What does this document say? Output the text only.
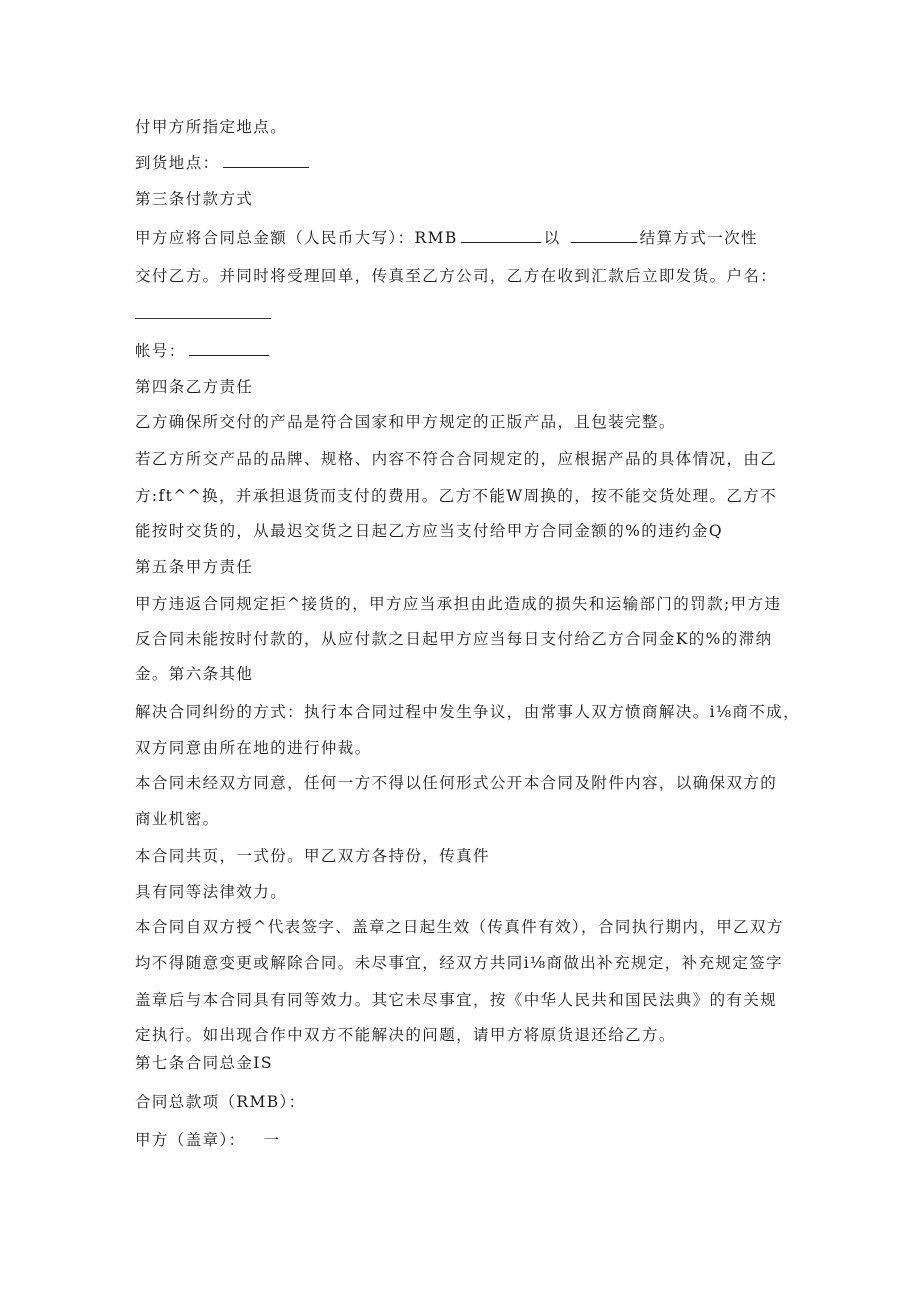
付甲方所指定地点。

到货地点：

第三条付款方式

甲方应将合同总金额（人民币大写）：RMB	以	结算方式一次性

交付乙方。并同时将受理回单，传真至乙方公司，乙方在收到汇款后立即发货。户名：

帐号：

第四条乙方责任

乙方确保所交付的产品是符合国家和甲方规定的正版产品，且包装完整。

若乙方所交产品的品牌、规格、内容不符合合同规定的，应根据产品的具体情况，由乙

方:ft^^换，并承担退货而支付的费用。乙方不能W周换的，按不能交货处理。乙方不

能按时交货的，从最迟交货之日起乙方应当支付给甲方合同金额的%的违约金Q

第五条甲方责任

甲方违返合同规定拒^接货的，甲方应当承担由此造成的损失和运输部门的罚款;甲方违

反合同未能按时付款的，从应付款之日起甲方应当每日支付给乙方合同金K的%的滞纳

金。第六条其他

解决合同纠纷的方式：执行本合同过程中发生争议，由常事人双方愤商解决。i⅛商不成，

双方同意由所在地的进行仲裁。

本合同未经双方同意，任何一方不得以任何形式公开本合同及附件内容，以确保双方的

商业机密。

本合同共页，一式份。甲乙双方各持份，传真件

具有同等法律效力。

本合同自双方授^代表签字、盖章之日起生效（传真件有效），合同执行期内，甲乙双方

均不得随意变更或解除合同。未尽事宜，经双方共同i⅛商做出补充规定，补充规定签字

盖章后与本合同具有同等效力。其它未尽事宜，按《中华人民共和国民法典》的有关规

定执行。如出现合作中双方不能解决的问题，请甲方将原货退还给乙方。

第七条合同总金IS

合同总款项（RMB）：

甲方（盖章）： 一
